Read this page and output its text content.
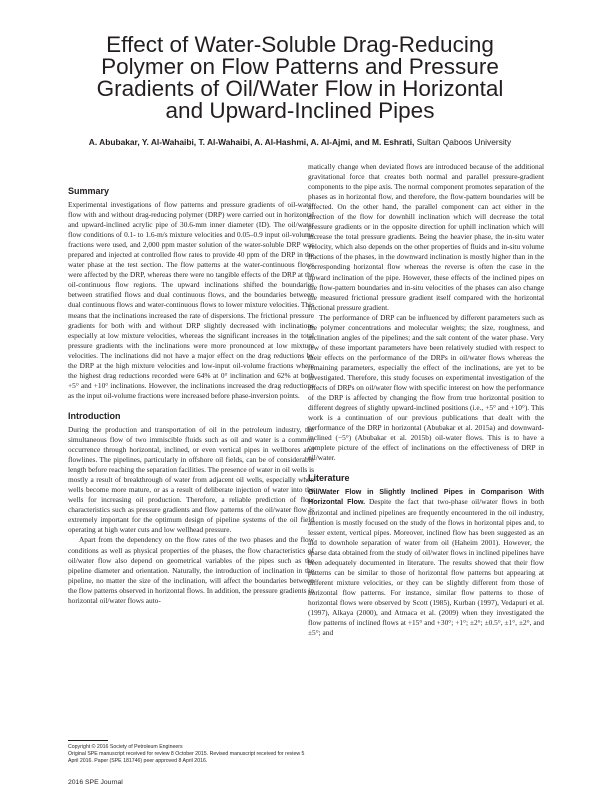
Effect of Water-Soluble Drag-Reducing
Polymer on Flow Patterns and Pressure
Gradients of Oil/Water Flow in Horizontal
and Upward-Inclined Pipes
A. Abubakar, Y. Al-Wahaibi, T. Al-Wahaibi, A. Al-Hashmi, A. Al-Ajmi, and M. Eshrati, Sultan Qaboos University
Summary

Experimental investigations of flow patterns and pressure gradients of oil-water flow with and without drag-reducing polymer (DRP) were carried out in horizontal and upward-inclined acrylic pipe of 30.6-mm inner diameter (ID). The oil/water flow conditions of 0.1- to 1.6-m/s mixture velocities and 0.05–0.9 input oil-volume fractions were used, and 2,000 ppm master solution of the water-soluble DRP was prepared and injected at controlled flow rates to provide 40 ppm of the DRP in the water phase at the test section. The flow patterns at the water-continuous flows were affected by the DRP, whereas there were no tangible effects of the DRP at the oil-continuous flow regions. The upward inclinations shifted the boundaries between stratified flows and dual continuous flows, and the boundaries between dual continuous flows and water-continuous flows to lower mixture velocities. This means that the inclinations increased the rate of dispersions. The frictional pressure gradients for both with and without DRP slightly decreased with inclinations especially at low mixture velocities, whereas the significant increases in the total pressure gradients with the inclinations were more pronounced at low mixture velocities. The inclinations did not have a major effect on the drag reductions by the DRP at the high mixture velocities and low-input oil-volume fractions where the highest drag reductions recorded were 64% at 0° inclination and 62% at both +5° and +10° inclinations. However, the inclinations increased the drag reductions as the input oil-volume fractions were increased before phase-inversion points.

Introduction

During the production and transportation of oil in the petroleum industry, the simultaneous flow of two immiscible fluids such as oil and water is a common occurrence through horizontal, inclined, or even vertical pipes in wellbores and flowlines. The pipelines, particularly in offshore oil fields, can be of considerable length before reaching the separation facilities. The presence of water in oil wells is mostly a result of breakthrough of water from adjacent oil wells, especially when wells become more mature, or as a result of deliberate injection of water into the wells for increasing oil production. Therefore, a reliable prediction of flow characteristics such as pressure gradients and flow patterns of the oil/water flow is extremely important for the optimum design of pipeline systems of the oil field operating at high water cuts and low wellhead pressure.

Apart from the dependency on the flow rates of the two phases and the flow conditions as well as physical properties of the phases, the flow characteristics of oil/water flow also depend on geometrical variables of the pipes such as the pipeline diameter and orientation. Naturally, the introduction of inclination in the pipeline, no matter the size of the inclination, will affect the boundaries between the flow patterns observed in horizontal flows. In addition, the pressure gradients in horizontal oil/water flows auto-

matically change when deviated flows are introduced because of the additional gravitational force that creates both normal and parallel pressure-gradient components to the pipe axis. The normal component promotes separation of the phases as in horizontal flow, and therefore, the flow-pattern boundaries will be affected. On the other hand, the parallel component can act either in the direction of the flow for downhill inclination which will decrease the total pressure gradients or in the opposite direction for uphill inclination which will increase the total pressure gradients. Being the heavier phase, the in-situ water velocity, which also depends on the other properties of fluids and in-situ volume fractions of the phases, in the downward inclination is mostly higher than in the corresponding horizontal flow whereas the reverse is often the case in the upward inclination of the pipe. However, these effects of the inclined pipes on the flow-pattern boundaries and in-situ velocities of the phases can also change the measured frictional pressure gradient itself compared with the horizontal frictional pressure gradient.

The performance of DRP can be influenced by different parameters such as the polymer concentrations and molecular weights; the size, roughness, and inclination angles of the pipelines; and the salt content of the water phase. Very few of these important parameters have been relatively studied with respect to their effects on the performance of the DRPs in oil/water flows whereas the remaining parameters, especially the effect of the inclinations, are yet to be investigated. Therefore, this study focuses on experimental investigation of the effects of DRPs on oil/water flow with specific interest on how the performance of the DRP is affected by changing the flow from true horizontal position to different degrees of slightly upward-inclined positions (i.e., +5° and +10°). This work is a continuation of our previous publications that dealt with the performance of the DRP in horizontal (Abubakar et al. 2015a) and downward-inclined (−5°) (Abubakar et al. 2015b) oil-water flows. This is to have a complete picture of the effect of inclinations on the effectiveness of DRP in oil/water.

Literature

Oil/Water Flow in Slightly Inclined Pipes in Comparison With Horizontal Flow. Despite the fact that two-phase oil/water flows in both horizontal and inclined pipelines are frequently encountered in the oil industry, attention is mostly focused on the study of the flows in horizontal pipes and, to lesser extent, vertical pipes. Moreover, inclined flow has been suggested as an aid to downhole separation of water from oil (Haheim 2001). However, the sparse data obtained from the study of oil/water flows in inclined pipelines have been adequately documented in literature. The results showed that their flow patterns can be similar to those of horizontal flow patterns but appearing at different mixture velocities, or they can be slightly different from those of horizontal flow patterns. For instance, similar flow patterns to those of horizontal flows were observed by Scott (1985), Kurban (1997), Vedapuri et al. (1997), Alkaya (2000), and Atmaca et al. (2009) when they investigated the flow patterns of inclined flows at +15° and +30°; +1°; ±2°; ±0.5°, ±1°, ±2°, and ±5°; and

Copyright © 2016 Society of Petroleum Engineers

Original SPE manuscript received for review 8 October 2015. Revised manuscript received for review 5 April 2016. Paper (SPE 181746) peer approved 8 April 2016.

2016 SPE Journal
